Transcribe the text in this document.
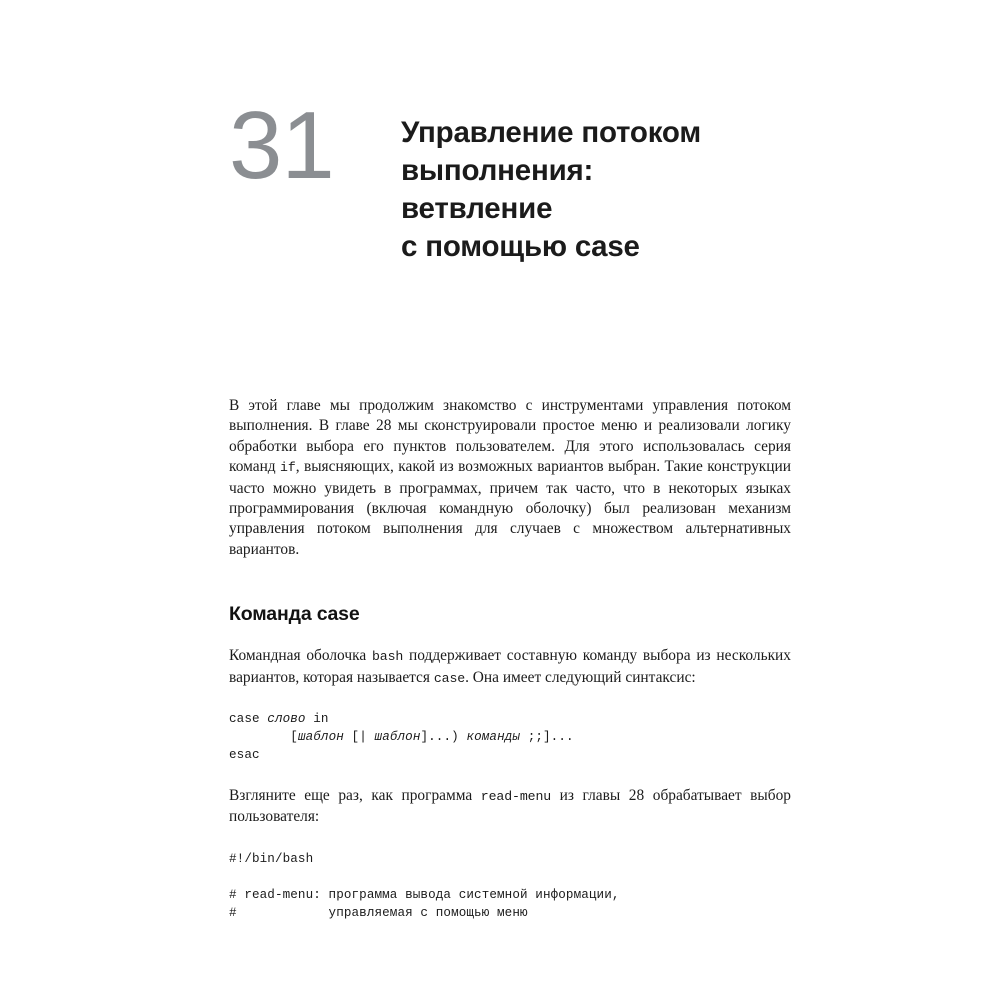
31	Управление потоком
выполнения:
ветвление
с помощью case

В этой главе мы продолжим знакомство с инструментами управления потоком выполнения. В главе 28 мы сконструировали простое меню и реализовали логику обработки выбора его пунктов пользователем. Для этого использовалась серия команд if, выясняющих, какой из возможных вариантов выбран. Такие конструкции часто можно увидеть в программах, причем так часто, что в некоторых языках программирования (включая командную оболочку) был реализован механизм управления потоком выполнения для случаев с множеством альтернативных вариантов.

Команда case

Командная оболочка bash поддерживает составную команду выбора из нескольких вариантов, которая называется case. Она имеет следующий синтаксис:

case слово in
[шаблон [| шаблон]...) команды ;;]...
esac

Взгляните еще раз, как программа read-menu из главы 28 обрабатывает выбор пользователя:

#!/bin/bash

# read-menu: программа вывода системной информации,
#            управляемая с помощью меню
